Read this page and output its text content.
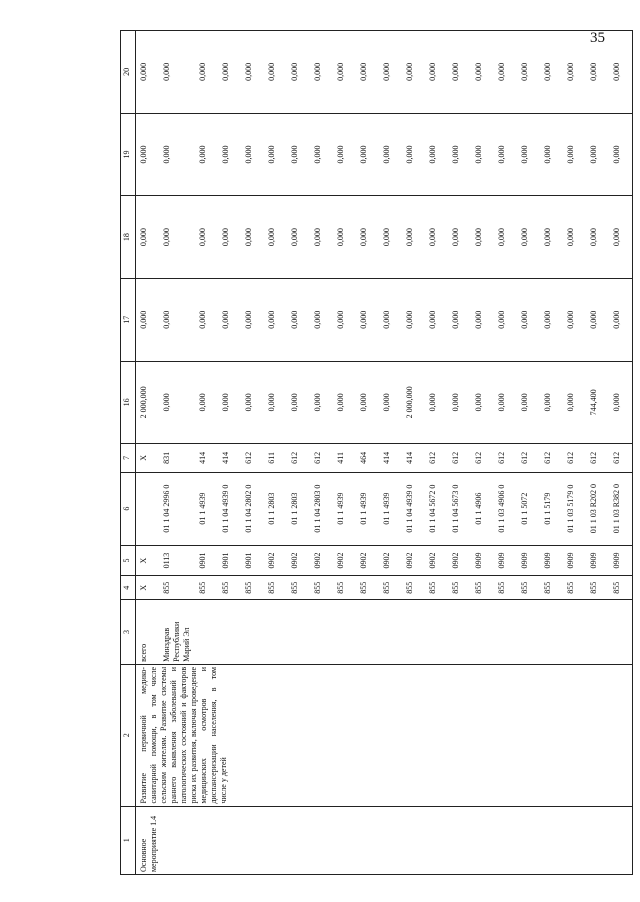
35
1	2	3	4	5	6	7	16	17	18	19	20
Основное мероприятие 1.4	Развитие первичной медико-санитарной помощи, в том числе сельским жителям. Развитие системы раннего выявления заболеваний и патологических состояний и факторов риска их развития, включая проведение медицинских осмотров и диспансеризации населения, в том числе у детей	всего	X	X		X	2 000,000	0,000	0,000	0,000	0,000
		Минздрав Республики Марий Эл	855	0113	01 1 04 2996 0	831	0,000	0,000	0,000	0,000	0,000
			855	0901	01 1 4939	414	0,000	0,000	0,000	0,000	0,000
			855	0901	01 1 04 4939 0	414	0,000	0,000	0,000	0,000	0,000
			855	0901	01 1 04 2802 0	612	0,000	0,000	0,000	0,000	0,000
			855	0902	01 1 2803	611	0,000	0,000	0,000	0,000	0,000
			855	0902	01 1 2803	612	0,000	0,000	0,000	0,000	0,000
			855	0902	01 1 04 2803 0	612	0,000	0,000	0,000	0,000	0,000
			855	0902	01 1 4939	411	0,000	0,000	0,000	0,000	0,000
			855	0902	01 1 4939	464	0,000	0,000	0,000	0,000	0,000
			855	0902	01 1 4939	414	0,000	0,000	0,000	0,000	0,000
			855	0902	01 1 04 4939 0	414	2 000,000	0,000	0,000	0,000	0,000
			855	0902	01 1 04 5672 0	612	0,000	0,000	0,000	0,000	0,000
			855	0902	01 1 04 5673 0	612	0,000	0,000	0,000	0,000	0,000
			855	0909	01 1 4906	612	0,000	0,000	0,000	0,000	0,000
			855	0909	01 1 03 4906 0	612	0,000	0,000	0,000	0,000	0,000
			855	0909	01 1 5072	612	0,000	0,000	0,000	0,000	0,000
			855	0909	01 1 5179	612	0,000	0,000	0,000	0,000	0,000
			855	0909	01 1 03 5179 0	612	0,000	0,000	0,000	0,000	0,000
			855	0909	01 1 03 R202 0	612	744,400	0,000	0,000	0,000	0,000
			855	0909	01 1 03 R382 0	612	0,000	0,000	0,000	0,000	0,000
